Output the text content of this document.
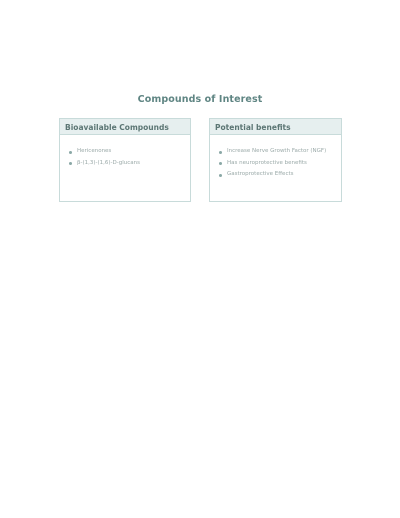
Compounds of Interest
Bioavailable Compounds
Hericenones
β-(1,3)-(1,6)-D-glucans
Potential benefits
Increase Nerve Growth Factor (NGF)
Has neuroprotective benefits
Gastroprotective Effects
